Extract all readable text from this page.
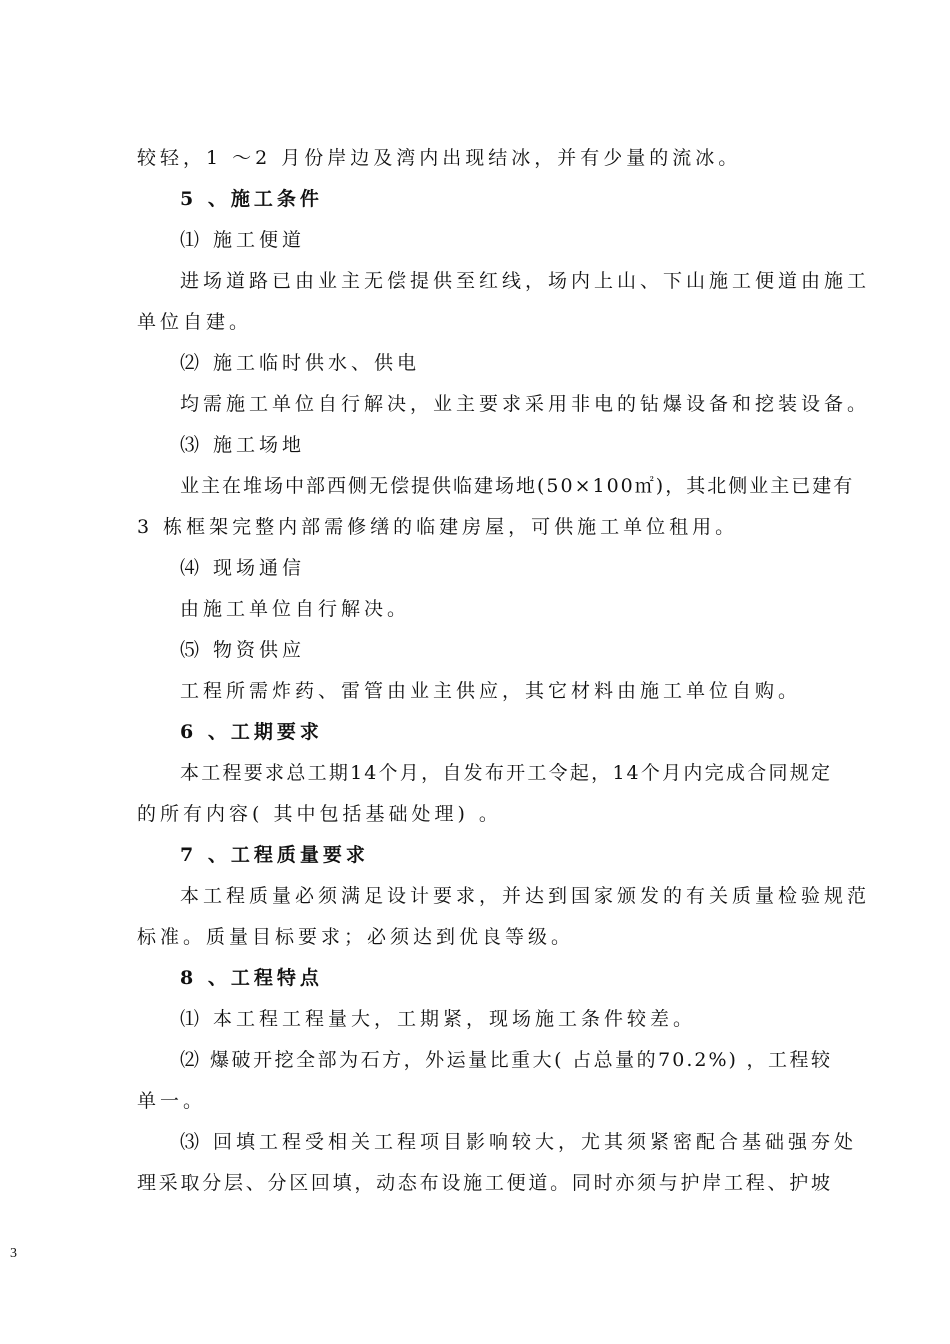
较轻，1 ～2 月份岸边及湾内出现结冰，并有少量的流冰。
5 、施工条件
⑴ 施工便道
进场道路已由业主无偿提供至红线，场内上山、下山施工便道由施工
单位自建。
⑵ 施工临时供水、供电
均需施工单位自行解决，业主要求采用非电的钻爆设备和挖装设备。
⑶ 施工场地
业主在堆场中部西侧无偿提供临建场地(50×100㎡)，其北侧业主已建有
3 栋框架完整内部需修缮的临建房屋，可供施工单位租用。
⑷ 现场通信
由施工单位自行解决。
⑸ 物资供应
工程所需炸药、雷管由业主供应，其它材料由施工单位自购。
6 、工期要求
本工程要求总工期14个月，自发布开工令起，14个月内完成合同规定
的所有内容( 其中包括基础处理) 。
7 、工程质量要求
本工程质量必须满足设计要求，并达到国家颁发的有关质量检验规范
标准。质量目标要求；必须达到优良等级。
8 、工程特点
⑴ 本工程工程量大，工期紧，现场施工条件较差。
⑵ 爆破开挖全部为石方，外运量比重大( 占总量的70.2%) ，工程较
单一。
⑶ 回填工程受相关工程项目影响较大，尤其须紧密配合基础强夯处
理采取分层、分区回填，动态布设施工便道。同时亦须与护岸工程、护坡
3
